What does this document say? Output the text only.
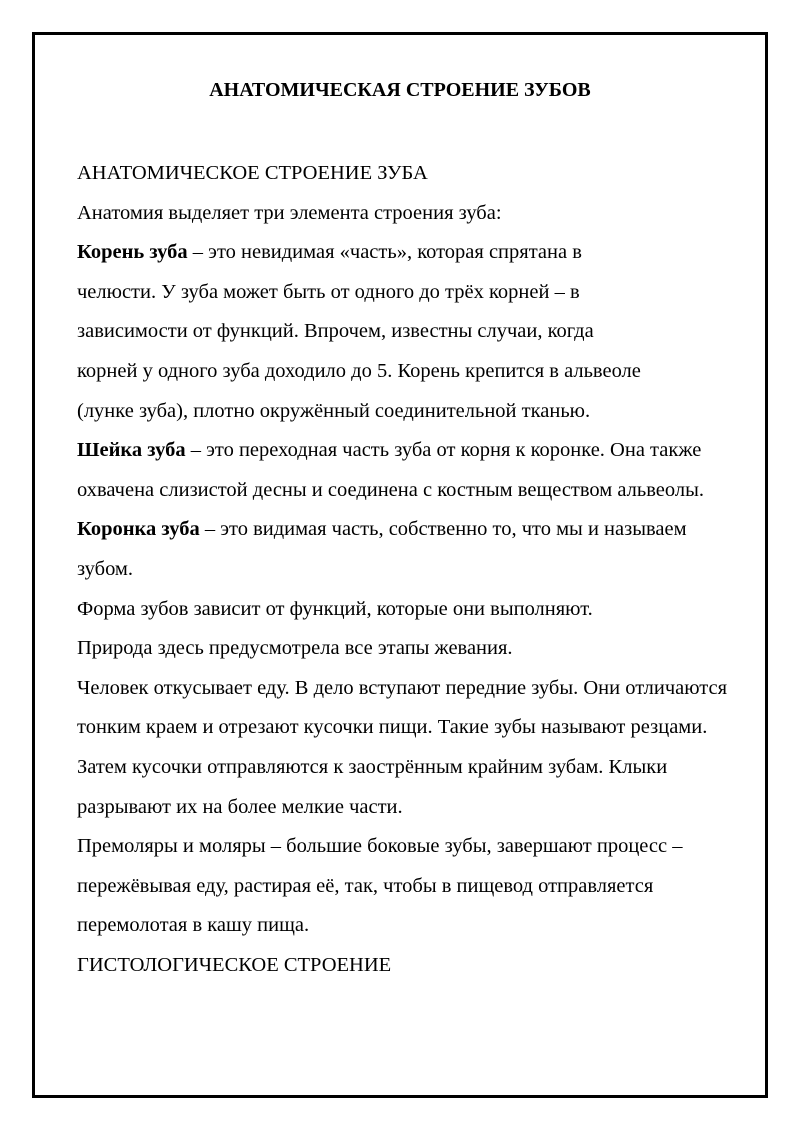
АНАТОМИЧЕСКАЯ СТРОЕНИЕ ЗУБОВ

АНАТОМИЧЕСКОЕ СТРОЕНИЕ ЗУБА

Анатомия выделяет три элемента строения зуба:

Корень зуба – это невидимая «часть», которая спрятана в челюсти. У зуба может быть от одного до трёх корней – в зависимости от функций. Впрочем, известны случаи, когда корней у одного зуба доходило до 5. Корень крепится в альвеоле (лунке зуба), плотно окружённый соединительной тканью.

Шейка зуба – это переходная часть зуба от корня к коронке. Она также охвачена слизистой десны и соединена с костным веществом альвеолы.

Коронка зуба – это видимая часть, собственно то, что мы и называем зубом.

Форма зубов зависит от функций, которые они выполняют. Природа здесь предусмотрела все этапы жевания.

Человек откусывает еду. В дело вступают передние зубы. Они отличаются тонким краем и отрезают кусочки пищи. Такие зубы называют резцами.

Затем кусочки отправляются к заострённым крайним зубам. Клыки разрывают их на более мелкие части.

Премоляры и моляры – большие боковые зубы, завершают процесс – пережёвывая еду, растирая её, так, чтобы в пищевод отправляется перемолотая в кашу пища.

ГИСТОЛОГИЧЕСКОЕ СТРОЕНИЕ
